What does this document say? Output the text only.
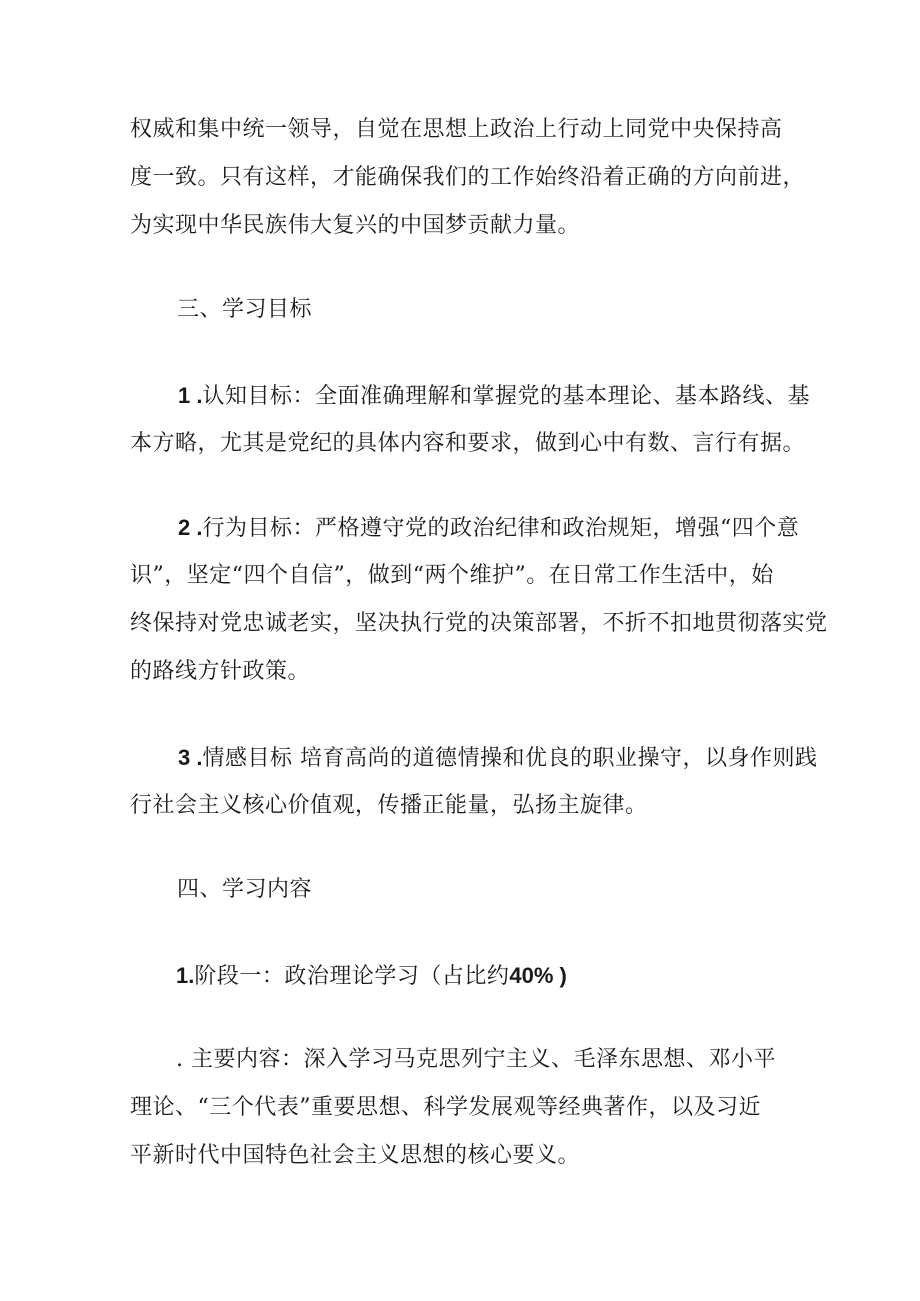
权威和集中统一领导，自觉在思想上政治上行动上同党中央保持高
度一致。只有这样，才能确保我们的工作始终沿着正确的方向前进，
为实现中华民族伟大复兴的中国梦贡献力量。
三、学习目标
1 .认知目标：全面准确理解和掌握党的基本理论、基本路线、基
本方略，尤其是党纪的具体内容和要求，做到心中有数、言行有据。
2 .行为目标：严格遵守党的政治纪律和政治规矩，增强“四个意
识”，坚定“四个自信”，做到“两个维护”。在日常工作生活中，始
终保持对党忠诚老实，坚决执行党的决策部署，不折不扣地贯彻落实党
的路线方针政策。
3 .情感目标 培育高尚的道德情操和优良的职业操守，以身作则践
行社会主义核心价值观，传播正能量，弘扬主旋律。
四、学习内容
1.阶段一：政治理论学习（占比约40% )
. 主要内容：深入学习马克思列宁主义、毛泽东思想、邓小平
理论、“三个代表”重要思想、科学发展观等经典著作，以及习近
平新时代中国特色社会主义思想的核心要义。
